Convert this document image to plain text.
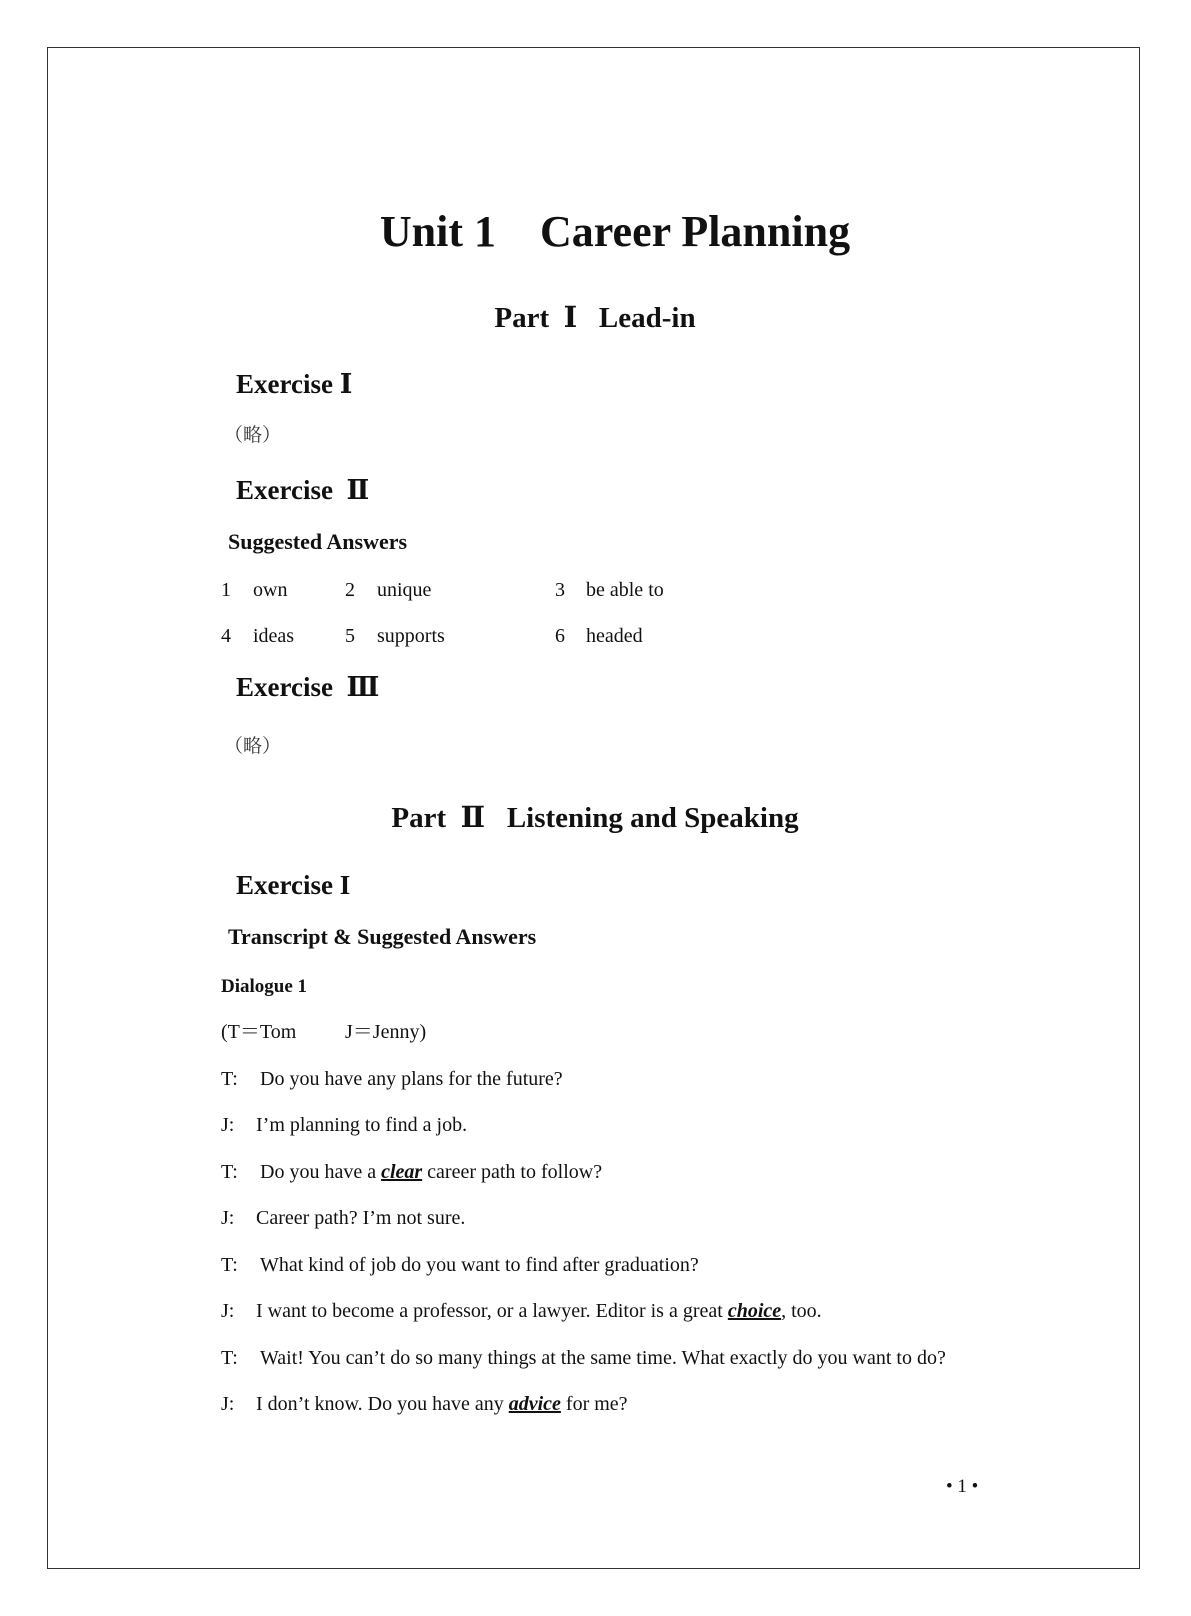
Unit 1    Career Planning
Part  Ⅰ   Lead-in
Exercise Ⅰ
（略）
Exercise  Ⅱ
Suggested Answers
1 own	2 unique	3 be able to
4 ideas	5 supports	6 headed
Exercise  Ⅲ
（略）
Part  Ⅱ   Listening and Speaking
Exercise I
Transcript & Suggested Answers
Dialogue 1
(T＝Tom J＝Jenny)
T: Do you have any plans for the future?
J: I’m planning to find a job.
T: Do you have a clear career path to follow?
J: Career path? I’m not sure.
T: What kind of job do you want to find after graduation?
J: I want to become a professor, or a lawyer. Editor is a great choice, too.
T: Wait! You can’t do so many things at the same time. What exactly do you want to do?
J: I don’t know. Do you have any advice for me?
• 1 •
